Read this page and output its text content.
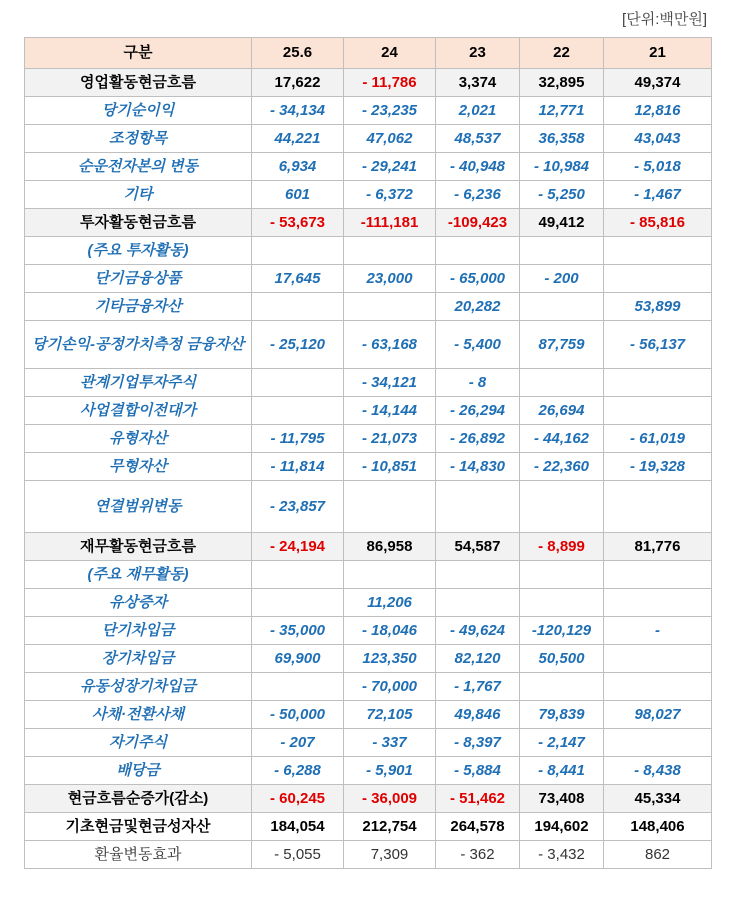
[단위:백만원]
구분	25.6	24	23	22	21
영업활동현금흐름	17,622	- 11,786	3,374	32,895	49,374
당기순이익	- 34,134	- 23,235	2,021	12,771	12,816
조정항목	44,221	47,062	48,537	36,358	43,043
순운전자본의 변동	6,934	- 29,241	- 40,948	- 10,984	- 5,018
기타	601	- 6,372	- 6,236	- 5,250	- 1,467
투자활동현금흐름	- 53,673	-111,181	-109,423	49,412	- 85,816
(주요 투자활동)					
단기금융상품	17,645	23,000	- 65,000	- 200	
기타금융자산			20,282		53,899
당기손익-공정가치측정 금융자산	- 25,120	- 63,168	- 5,400	87,759	- 56,137
관계기업투자주식		- 34,121	- 8		
사업결합이전대가		- 14,144	- 26,294	26,694	
유형자산	- 11,795	- 21,073	- 26,892	- 44,162	- 61,019
무형자산	- 11,814	- 10,851	- 14,830	- 22,360	- 19,328
연결범위변동	- 23,857				
재무활동현금흐름	- 24,194	86,958	54,587	- 8,899	81,776
(주요 재무활동)					
유상증자		11,206			
단기차입금	- 35,000	- 18,046	- 49,624	-120,129	-
장기차입금	69,900	123,350	82,120	50,500	
유동성장기차입금		- 70,000	- 1,767		
사채·전환사채	- 50,000	72,105	49,846	79,839	98,027
자기주식	- 207	- 337	- 8,397	- 2,147	
배당금	- 6,288	- 5,901	- 5,884	- 8,441	- 8,438
현금흐름순증가(감소)	- 60,245	- 36,009	- 51,462	73,408	45,334
기초현금및현금성자산	184,054	212,754	264,578	194,602	148,406
환율변동효과	- 5,055	7,309	- 362	- 3,432	862
